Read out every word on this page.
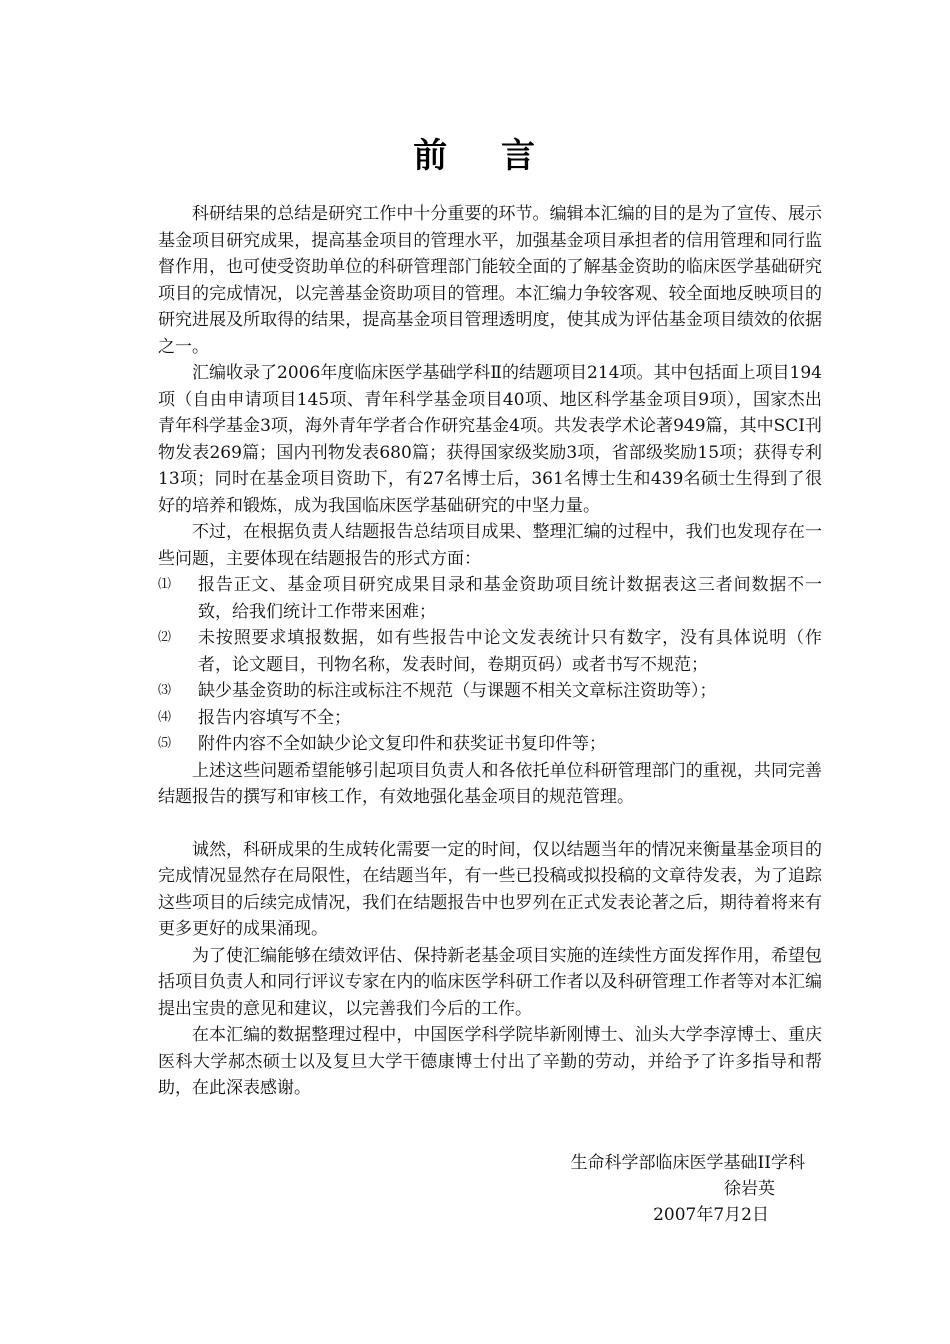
前 言

科研结果的总结是研究工作中十分重要的环节。编辑本汇编的目的是为了宣传、展示基金项目研究成果，提高基金项目的管理水平，加强基金项目承担者的信用管理和同行监督作用，也可使受资助单位的科研管理部门能较全面的了解基金资助的临床医学基础研究项目的完成情况，以完善基金资助项目的管理。本汇编力争较客观、较全面地反映项目的研究进展及所取得的结果，提高基金项目管理透明度，使其成为评估基金项目绩效的依据之一。

汇编收录了2006年度临床医学基础学科Ⅱ的结题项目214项。其中包括面上项目194项（自由申请项目145项、青年科学基金项目40项、地区科学基金项目9项），国家杰出青年科学基金3项，海外青年学者合作研究基金4项。共发表学术论著949篇，其中SCI刊物发表269篇；国内刊物发表680篇；获得国家级奖励3项，省部级奖励15项；获得专利13项；同时在基金项目资助下，有27名博士后，361名博士生和439名硕士生得到了很好的培养和锻炼，成为我国临床医学基础研究的中坚力量。

不过，在根据负责人结题报告总结项目成果、整理汇编的过程中，我们也发现存在一些问题，主要体现在结题报告的形式方面：

⑴ 报告正文、基金项目研究成果目录和基金资助项目统计数据表这三者间数据不一致，给我们统计工作带来困难；
⑵ 未按照要求填报数据，如有些报告中论文发表统计只有数字，没有具体说明（作者，论文题目，刊物名称，发表时间，卷期页码）或者书写不规范；
⑶ 缺少基金资助的标注或标注不规范（与课题不相关文章标注资助等）；
⑷ 报告内容填写不全；
⑸ 附件内容不全如缺少论文复印件和获奖证书复印件等；

上述这些问题希望能够引起项目负责人和各依托单位科研管理部门的重视，共同完善结题报告的撰写和审核工作，有效地强化基金项目的规范管理。

诚然，科研成果的生成转化需要一定的时间，仅以结题当年的情况来衡量基金项目的完成情况显然存在局限性，在结题当年，有一些已投稿或拟投稿的文章待发表，为了追踪这些项目的后续完成情况，我们在结题报告中也罗列在正式发表论著之后，期待着将来有更多更好的成果涌现。

为了使汇编能够在绩效评估、保持新老基金项目实施的连续性方面发挥作用，希望包括项目负责人和同行评议专家在内的临床医学科研工作者以及科研管理工作者等对本汇编提出宝贵的意见和建议，以完善我们今后的工作。

在本汇编的数据整理过程中，中国医学科学院毕新刚博士、汕头大学李淳博士、重庆医科大学郝杰硕士以及复旦大学干德康博士付出了辛勤的劳动，并给予了许多指导和帮助，在此深表感谢。

生命科学部临床医学基础II学科
徐岩英
2007年7月2日
